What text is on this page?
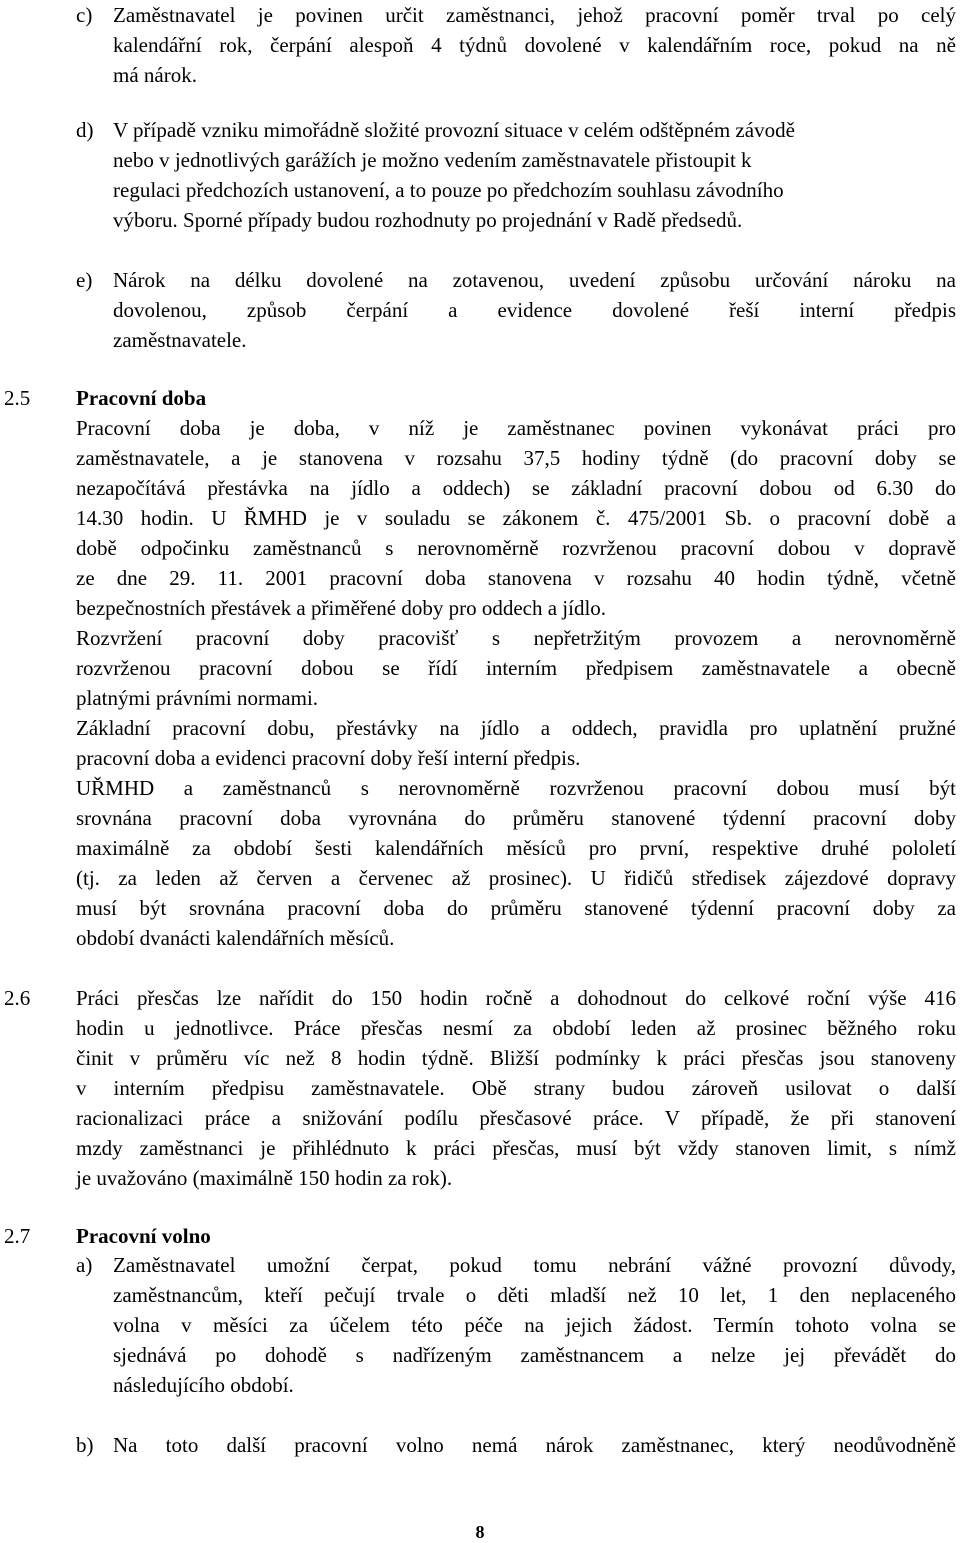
c) Zaměstnavatel je povinen určit zaměstnanci, jehož pracovní poměr trval po celý
kalendářní rok, čerpání alespoň 4 týdnů dovolené v kalendářním roce, pokud na ně
má nárok.
d) V případě vzniku mimořádně složité provozní situace v celém odštěpném závodě
nebo v jednotlivých garážích je možno vedením zaměstnavatele přistoupit k
regulaci předchozích ustanovení, a to pouze po předchozím souhlasu závodního
výboru. Sporné případy budou rozhodnuty po projednání v Radě předsedů.
e) Nárok na délku dovolené na zotavenou, uvedení způsobu určování nároku na
dovolenou, způsob čerpání a evidence dovolené řeší interní předpis
zaměstnavatele.
2.5 Pracovní doba
Pracovní doba je doba, v níž je zaměstnanec povinen vykonávat práci pro
zaměstnavatele, a je stanovena v rozsahu 37,5 hodiny týdně (do pracovní doby se
nezapočítává přestávka na jídlo a oddech) se základní pracovní dobou od 6.30 do
14.30 hodin. U ŘMHD je v souladu se zákonem č. 475/2001 Sb. o pracovní době a
době odpočinku zaměstnanců s nerovnoměrně rozvrženou pracovní dobou v dopravě
ze dne 29. 11. 2001 pracovní doba stanovena v rozsahu 40 hodin týdně, včetně
bezpečnostních přestávek a přiměřené doby pro oddech a jídlo.
Rozvržení pracovní doby pracovišť s nepřetržitým provozem a nerovnoměrně
rozvrženou pracovní dobou se řídí interním předpisem zaměstnavatele a obecně
platnými právními normami.
Základní pracovní dobu, přestávky na jídlo a oddech, pravidla pro uplatnění pružné
pracovní doba a evidenci pracovní doby řeší interní předpis.
UŘMHD a zaměstnanců s nerovnoměrně rozvrženou pracovní dobou musí být
srovnána pracovní doba vyrovnána do průměru stanovené týdenní pracovní doby
maximálně za období šesti kalendářních měsíců pro první, respektive druhé pololetí
(tj. za leden až červen a červenec až prosinec). U řidičů středisek zájezdové dopravy
musí být srovnána pracovní doba do průměru stanovené týdenní pracovní doby za
období dvanácti kalendářních měsíců.
2.6 Práci přesčas lze nařídit do 150 hodin ročně a dohodnout do celkové roční výše 416
hodin u jednotlivce. Práce přesčas nesmí za období leden až prosinec běžného roku
činit v průměru víc než 8 hodin týdně. Bližší podmínky k práci přesčas jsou stanoveny
v interním předpisu zaměstnavatele. Obě strany budou zároveň usilovat o další
racionalizaci práce a snižování podílu přesčasové práce. V případě, že při stanovení
mzdy zaměstnanci je přihlédnuto k práci přesčas, musí být vždy stanoven limit, s nímž
je uvažováno (maximálně 150 hodin za rok).
2.7 Pracovní volno
a) Zaměstnavatel umožní čerpat, pokud tomu nebrání vážné provozní důvody,
zaměstnancům, kteří pečují trvale o děti mladší než 10 let, 1 den neplaceného
volna v měsíci za účelem této péče na jejich žádost. Termín tohoto volna se
sjednává po dohodě s nadřízeným zaměstnancem a nelze jej převádět do
následujícího období.
b) Na toto další pracovní volno nemá nárok zaměstnanec, který neodůvodněně
8
